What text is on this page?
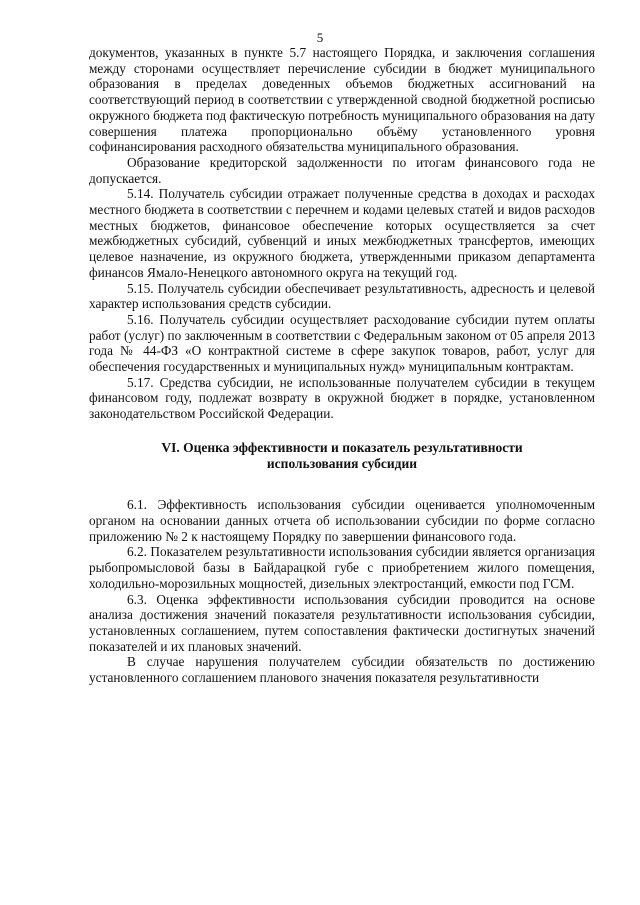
5

документов, указанных в пункте 5.7 настоящего Порядка, и заключения соглашения между сторонами осуществляет перечисление субсидии в бюджет муниципального образования в пределах доведенных объемов бюджетных ассигнований на соответствующий период в соответствии с утвержденной сводной бюджетной росписью окружного бюджета под фактическую потребность муниципального образования на дату совершения платежа пропорционально объёму установленного уровня софинансирования расходного обязательства муниципального образования.

Образование кредиторской задолженности по итогам финансового года не допускается.

5.14. Получатель субсидии отражает полученные средства в доходах и расходах местного бюджета в соответствии с перечнем и кодами целевых статей и видов расходов местных бюджетов, финансовое обеспечение которых осуществляется за счет межбюджетных субсидий, субвенций и иных межбюджетных трансфертов, имеющих целевое назначение, из окружного бюджета, утвержденными приказом департамента финансов Ямало-Ненецкого автономного округа на текущий год.

5.15. Получатель субсидии обеспечивает результативность, адресность и целевой характер использования средств субсидии.

5.16. Получатель субсидии осуществляет расходование субсидии путем оплаты работ (услуг) по заключенным в соответствии с Федеральным законом от 05 апреля 2013 года № 44-ФЗ «О контрактной системе в сфере закупок товаров, работ, услуг для обеспечения государственных и муниципальных нужд» муниципальным контрактам.

5.17. Средства субсидии, не использованные получателем субсидии в текущем финансовом году, подлежат возврату в окружной бюджет в порядке, установленном законодательством Российской Федерации.

VI. Оценка эффективности и показатель результативности
использования субсидии

6.1. Эффективность использования субсидии оценивается уполномоченным органом на основании данных отчета об использовании субсидии по форме согласно приложению № 2 к настоящему Порядку по завершении финансового года.

6.2. Показателем результативности использования субсидии является организация рыбопромысловой базы в Байдарацкой губе с приобретением жилого помещения, холодильно-морозильных мощностей, дизельных электростанций, емкости под ГСМ.

6.3. Оценка эффективности использования субсидии проводится на основе анализа достижения значений показателя результативности использования субсидии, установленных соглашением, путем сопоставления фактически достигнутых значений показателей и их плановых значений.

В случае нарушения получателем субсидии обязательств по достижению установленного соглашением планового значения показателя результативности
